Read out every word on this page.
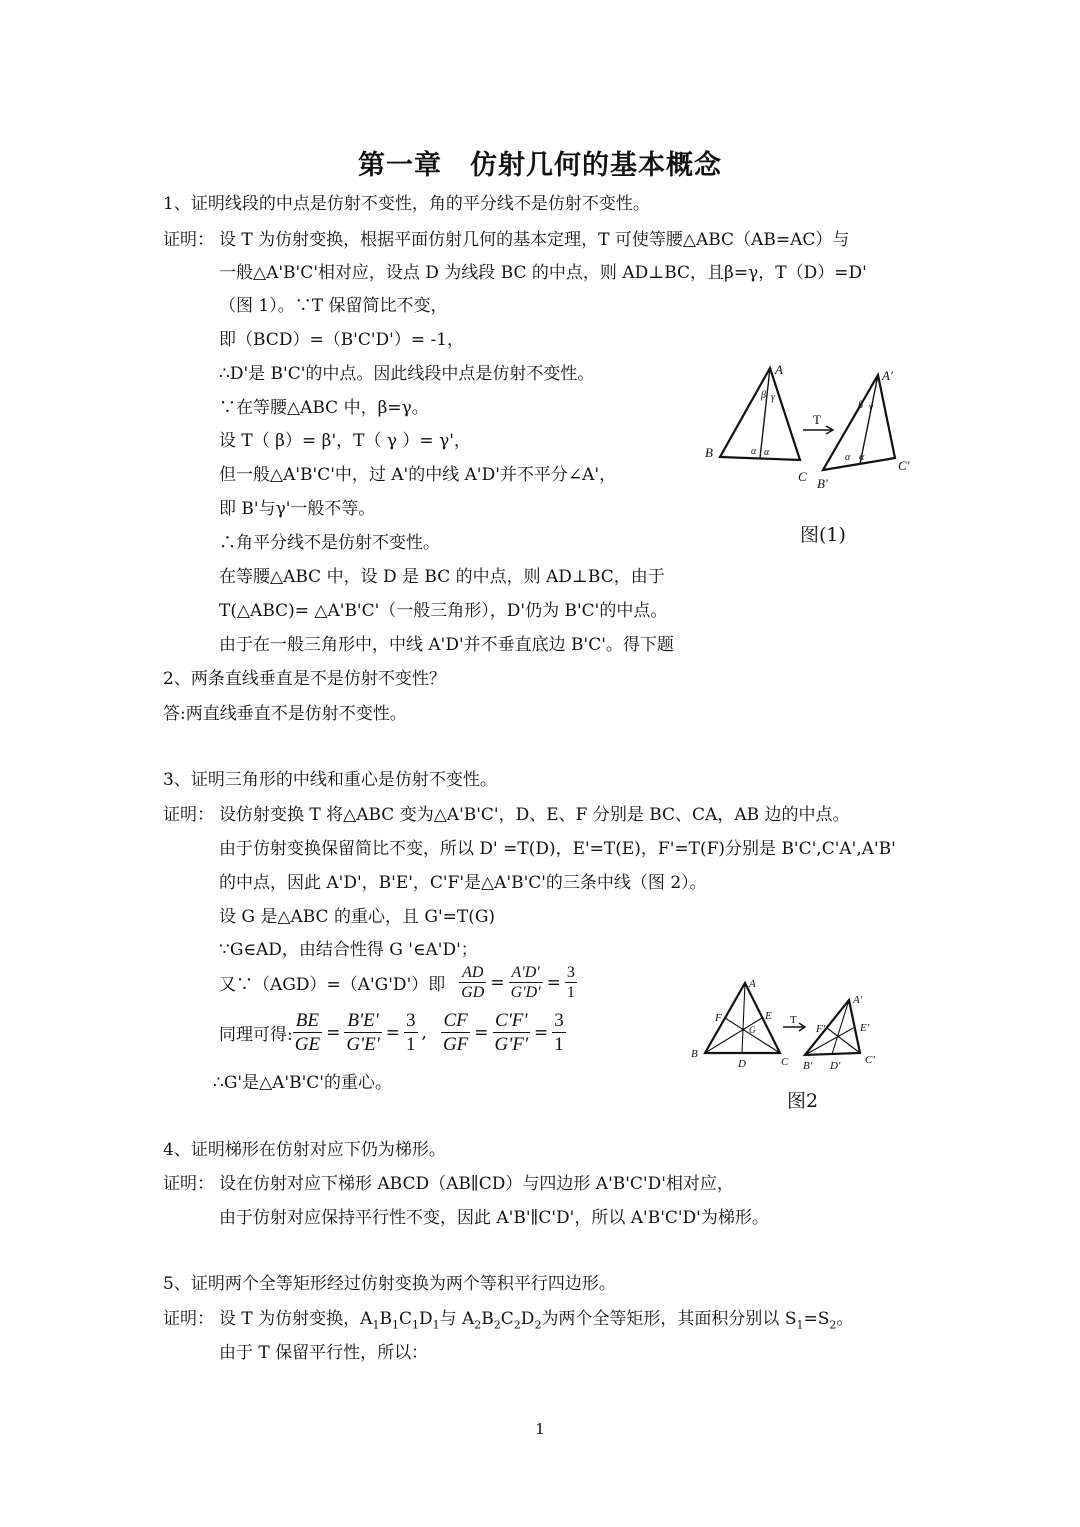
第一章　仿射几何的基本概念
1、证明线段的中点是仿射不变性，角的平分线不是仿射不变性。
证明： 设 T 为仿射变换，根据平面仿射几何的基本定理，T 可使等腰△ABC（AB=AC）与
一般△A'B'C'相对应，设点 D 为线段 BC 的中点，则 AD⊥BC，且β=γ，T（D）=D'
（图 1）。∵T 保留简比不变，
即（BCD）=（B'C'D'）= -1，
∴D'是 B'C'的中点。因此线段中点是仿射不变性。
∵在等腰△ABC 中，β=γ。
设 T（ β）= β'，T（ γ ）= γ'，
但一般△A'B'C'中，过 A'的中线 A'D'并不平分∠A'，
即 B'与γ'一般不等。
∴角平分线不是仿射不变性。
在等腰△ABC 中，设 D 是 BC 的中点，则 AD⊥BC，由于
T(△ABC)= △A'B'C'（一般三角形），D'仍为 B'C'的中点。
由于在一般三角形中，中线 A'D'并不垂直底边 B'C'。得下题
A
B
C
A'
B'
C'
T
α α
β γ
β γ
α α
图(1)
2、两条直线垂直是不是仿射不变性？
答:两直线垂直不是仿射不变性。
3、证明三角形的中线和重心是仿射不变性。
证明： 设仿射变换 T 将△ABC 变为△A'B'C'，D、E、F 分别是 BC、CA，AB 边的中点。
由于仿射变换保留简比不变，所以 D' =T(D)，E'=T(E)，F'=T(F)分别是 B'C',C'A',A'B'
的中点，因此 A'D'，B'E'，C'F'是△A'B'C'的三条中线（图 2）。
设 G 是△ABC 的重心，且 G'=T(G)
∵G∈AD，由结合性得 G '∈A'D'；
又∵（AGD）=（A'G'D'）即 $\frac{AD}{GD} = \frac{A'D'}{G'D'} = \frac{3}{1}$
同理可得: $\frac{BE}{GE} = \frac{B'E'}{G'E'} = \frac{3}{1}$ , $\frac{CF}{GF} = \frac{C'F'}{G'F'} = \frac{3}{1}$
∴G'是△A'B'C'的重心。
A
B
C
D
E
F
G
A'
B'	C'
D'
E'
F'
T
图2
4、证明梯形在仿射对应下仍为梯形。
证明： 设在仿射对应下梯形 ABCD（AB∥CD）与四边形 A'B'C'D'相对应，
由于仿射对应保持平行性不变，因此 A'B'∥C'D'，所以 A'B'C'D'为梯形。
5、证明两个全等矩形经过仿射变换为两个等积平行四边形。
证明： 设 T 为仿射变换，$A_1B_1C_1D_1$与 $A_2B_2C_2D_2$为两个全等矩形，其面积分别以 $S_1=S_2$。
由于 T 保留平行性，所以：
1
